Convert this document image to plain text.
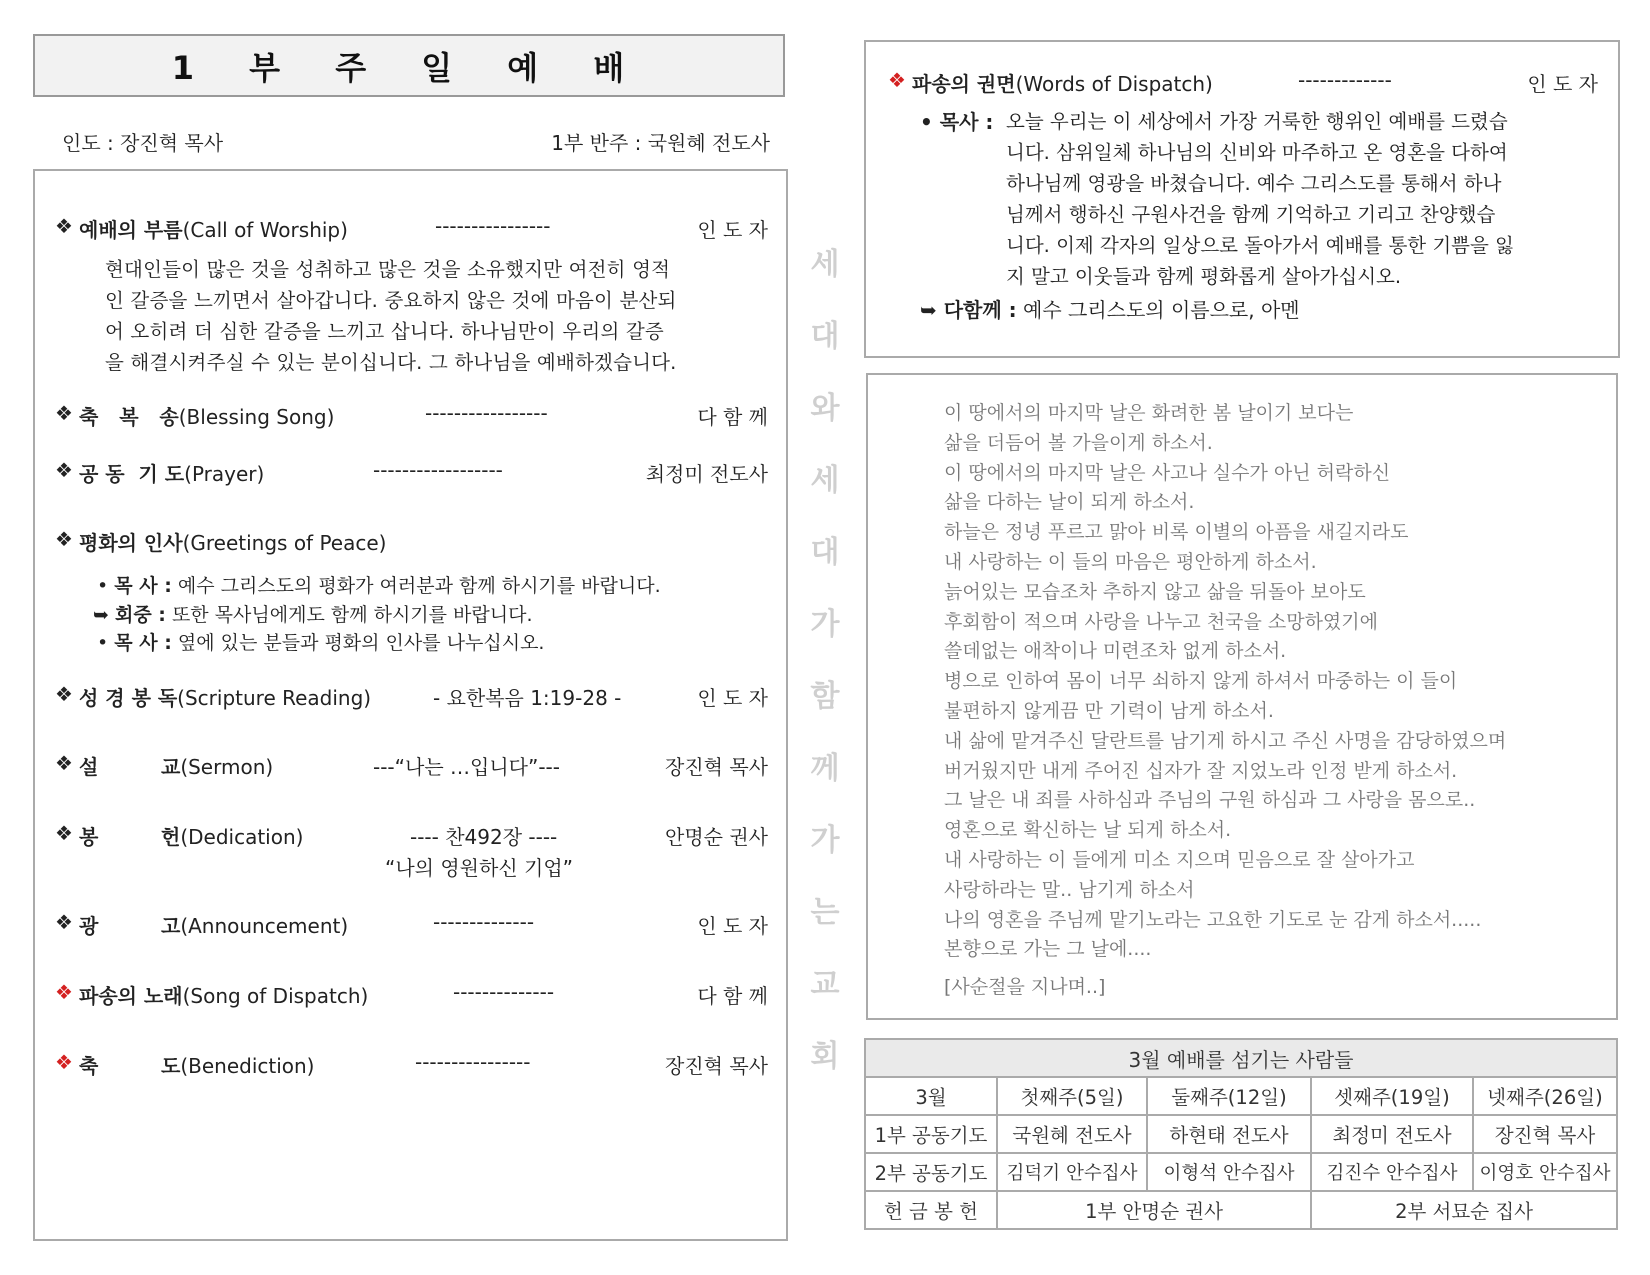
1 부 주 일 예 배
인도 : 장진혁 목사	1부 반주 : 국원혜 전도사
❖ 예배의 부름(Call of Worship)	----------------	인 도 자
현대인들이 많은 것을 성취하고 많은 것을 소유했지만 여전히 영적
인 갈증을 느끼면서 살아갑니다. 중요하지 않은 것에 마음이 분산되
어 오히려 더 심한 갈증을 느끼고 삽니다. 하나님만이 우리의 갈증
을 해결시켜주실 수 있는 분이십니다. 그 하나님을 예배하겠습니다.
❖ 축   복   송(Blessing Song)	-----------------	다 함 께
❖ 공 동  기 도(Prayer)	------------------	최정미 전도사
❖ 평화의 인사(Greetings of Peace)
• 목 사 : 예수 그리스도의 평화가 여러분과 함께 하시기를 바랍니다.
➥ 회중 : 또한 목사님에게도 함께 하시기를 바랍니다.
• 목 사 : 옆에 있는 분들과 평화의 인사를 나누십시오.
❖ 성 경 봉 독(Scripture Reading)	- 요한복음 1:19-28 -	인 도 자
❖ 설         교(Sermon)	---“나는 …입니다”---	장진혁 목사
❖ 봉         헌(Dedication)	---- 찬492장 ----	안명순 권사
“나의 영원하신 기업”
❖ 광         고(Announcement)	--------------	인 도 자
❖ 파송의 노래(Song of Dispatch)	--------------	다 함 께
❖ 축         도(Benediction)	----------------	장진혁 목사
세
대
와
세
대
가
함
께
가
는
교
회
❖ 파송의 권면(Words of Dispatch)	-------------	인 도 자
• 목사 : 오늘 우리는 이 세상에서 가장 거룩한 행위인 예배를 드렸습
니다. 삼위일체 하나님의 신비와 마주하고 온 영혼을 다하여
하나님께 영광을 바쳤습니다. 예수 그리스도를 통해서 하나
님께서 행하신 구원사건을 함께 기억하고 기리고 찬양했습
니다. 이제 각자의 일상으로 돌아가서 예배를 통한 기쁨을 잃
지 말고 이웃들과 함께 평화롭게 살아가십시오.
➥ 다함께 : 예수 그리스도의 이름으로, 아멘
이 땅에서의 마지막 날은 화려한 봄 날이기 보다는
삶을 더듬어 볼 가을이게 하소서.
이 땅에서의 마지막 날은 사고나 실수가 아닌 허락하신
삶을 다하는 날이 되게 하소서.
하늘은 정녕 푸르고 맑아 비록 이별의 아픔을 새길지라도
내 사랑하는 이 들의 마음은 평안하게 하소서.
늙어있는 모습조차 추하지 않고 삶을 뒤돌아 보아도
후회함이 적으며 사랑을 나누고 천국을 소망하였기에
쓸데없는 애착이나 미련조차 없게 하소서.
병으로 인하여 몸이 너무 쇠하지 않게 하셔서 마중하는 이 들이
불편하지 않게끔 만 기력이 남게 하소서.
내 삶에 맡겨주신 달란트를 남기게 하시고 주신 사명을 감당하였으며
버거웠지만 내게 주어진 십자가 잘 지었노라 인정 받게 하소서.
그 날은 내 죄를 사하심과 주님의 구원 하심과 그 사랑을 몸으로..
영혼으로 확신하는 날 되게 하소서.
내 사랑하는 이 들에게 미소 지으며 믿음으로 잘 살아가고
사랑하라는 말.. 남기게 하소서
나의 영혼을 주님께 맡기노라는 고요한 기도로 눈 감게 하소서.....
본향으로 가는 그 날에....
[사순절을 지나며..]
3월 예배를 섬기는 사람들				
3월	첫째주(5일)	둘째주(12일)	셋째주(19일)	넷째주(26일)
1부 공동기도	국원혜 전도사	하현태 전도사	최정미 전도사	장진혁 목사
2부 공동기도	김덕기 안수집사	이형석 안수집사	김진수 안수집사	이영호 안수집사
헌 금 봉 헌	1부 안명순 권사		2부 서묘순 집사	
